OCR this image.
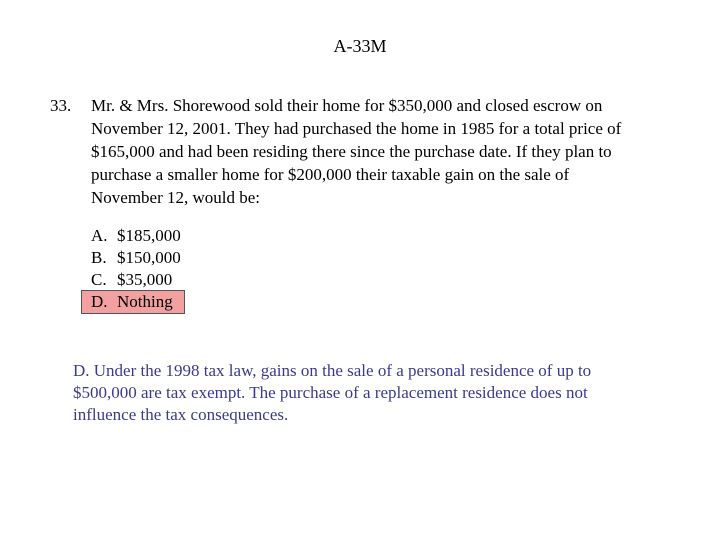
A-33M
33. Mr. & Mrs. Shorewood sold their home for $350,000 and closed escrow on
November 12, 2001. They had purchased the home in 1985 for a total price of
$165,000 and had been residing there since the purchase date. If they plan to
purchase a smaller home for $200,000 their taxable gain on the sale of
November 12, would be:
A. $185,000
B. $150,000
C. $35,000
D. Nothing
D. Under the 1998 tax law, gains on the sale of a personal residence of up to
$500,000 are tax exempt. The purchase of a replacement residence does not
influence the tax consequences.
